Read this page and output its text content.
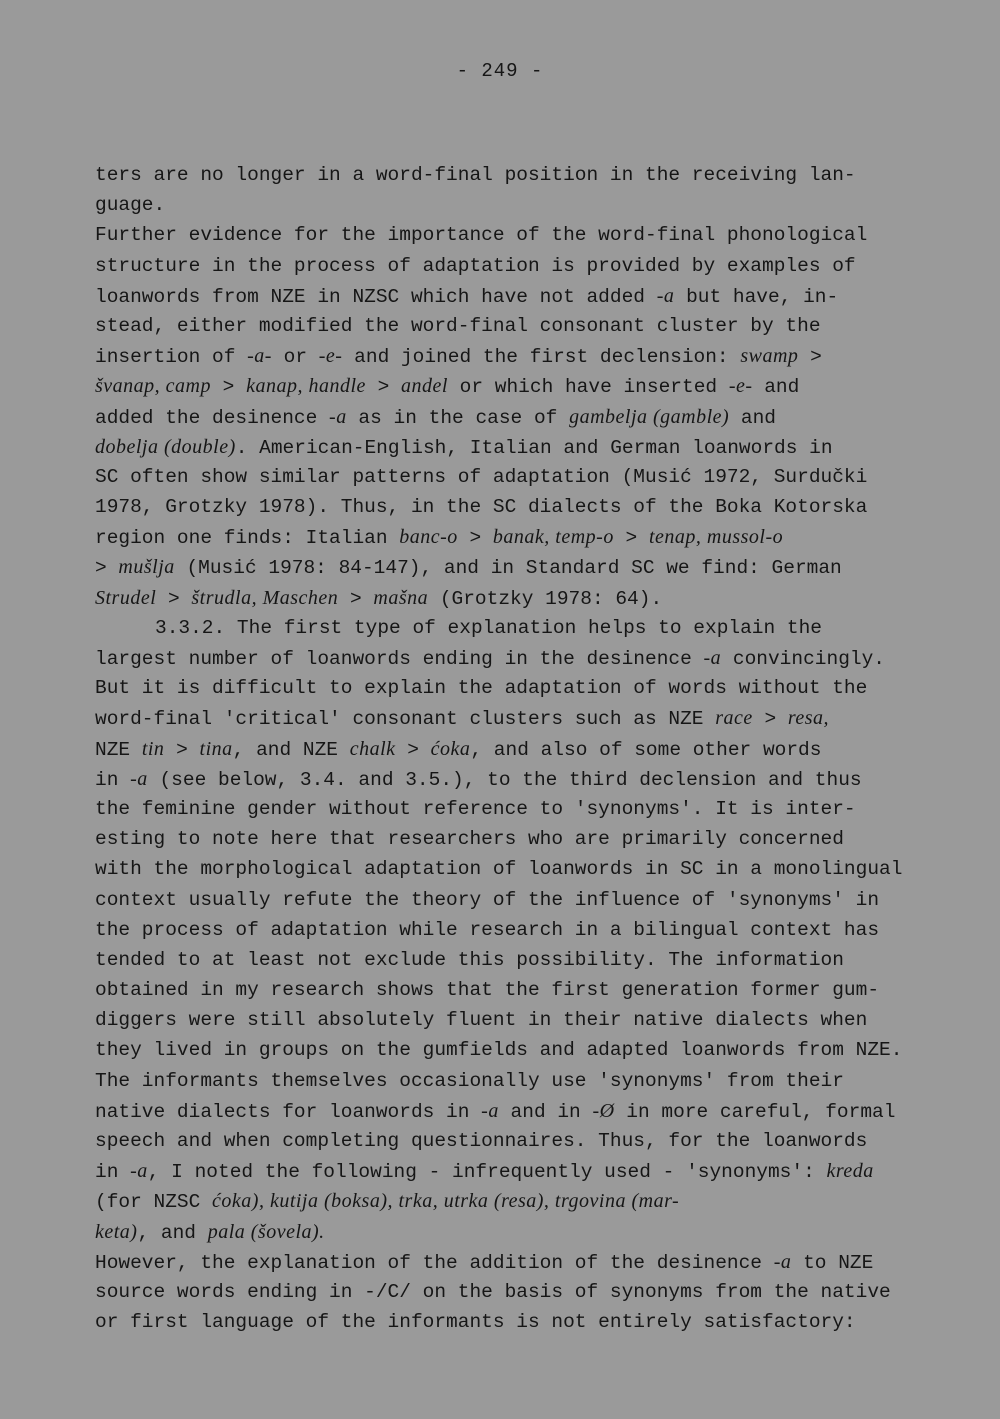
- 249 -
ters are no longer in a word-final position in the receiving lan-
guage.
Further evidence for the importance of the word-final phonological
structure in the process of adaptation is provided by examples of
loanwords from NZE in NZSC which have not added -a but have, in-
stead, either modified the word-final consonant cluster by the
insertion of -a- or -e- and joined the first declension: swamp >
švanap, camp > kanap, handle > andel or which have inserted -e- and
added the desinence -a as in the case of gambelja (gamble) and
dobelja (double). American-English, Italian and German loanwords in
SC often show similar patterns of adaptation (Musić 1972, Surdučki
1978, Grotzky 1978). Thus, in the SC dialects of the Boka Kotorska
region one finds: Italian banc-o > banak, temp-o > tenap, mussol-o
> mušlja (Musić 1978: 84-147), and in Standard SC we find: German
Strudel > štrudla, Maschen > mašna (Grotzky 1978: 64).
3.3.2. The first type of explanation helps to explain the
largest number of loanwords ending in the desinence -a convincingly.
But it is difficult to explain the adaptation of words without the
word-final 'critical' consonant clusters such as NZE race > resa,
NZE tin > tina, and NZE chalk > ćoka, and also of some other words
in -a (see below, 3.4. and 3.5.), to the third declension and thus
the feminine gender without reference to 'synonyms'. It is inter-
esting to note here that researchers who are primarily concerned
with the morphological adaptation of loanwords in SC in a monolingual
context usually refute the theory of the influence of 'synonyms' in
the process of adaptation while research in a bilingual context has
tended to at least not exclude this possibility. The information
obtained in my research shows that the first generation former gum-
diggers were still absolutely fluent in their native dialects when
they lived in groups on the gumfields and adapted loanwords from NZE.
The informants themselves occasionally use 'synonyms' from their
native dialects for loanwords in -a and in -Ø in more careful, formal
speech and when completing questionnaires. Thus, for the loanwords
in -a, I noted the following - infrequently used - 'synonyms': kreda
(for NZSC ćoka), kutija (boksa), trka, utrka (resa), trgovina (mar-
keta), and pala (šovela).
However, the explanation of the addition of the desinence -a to NZE
source words ending in -/C/ on the basis of synonyms from the native
or first language of the informants is not entirely satisfactory:
